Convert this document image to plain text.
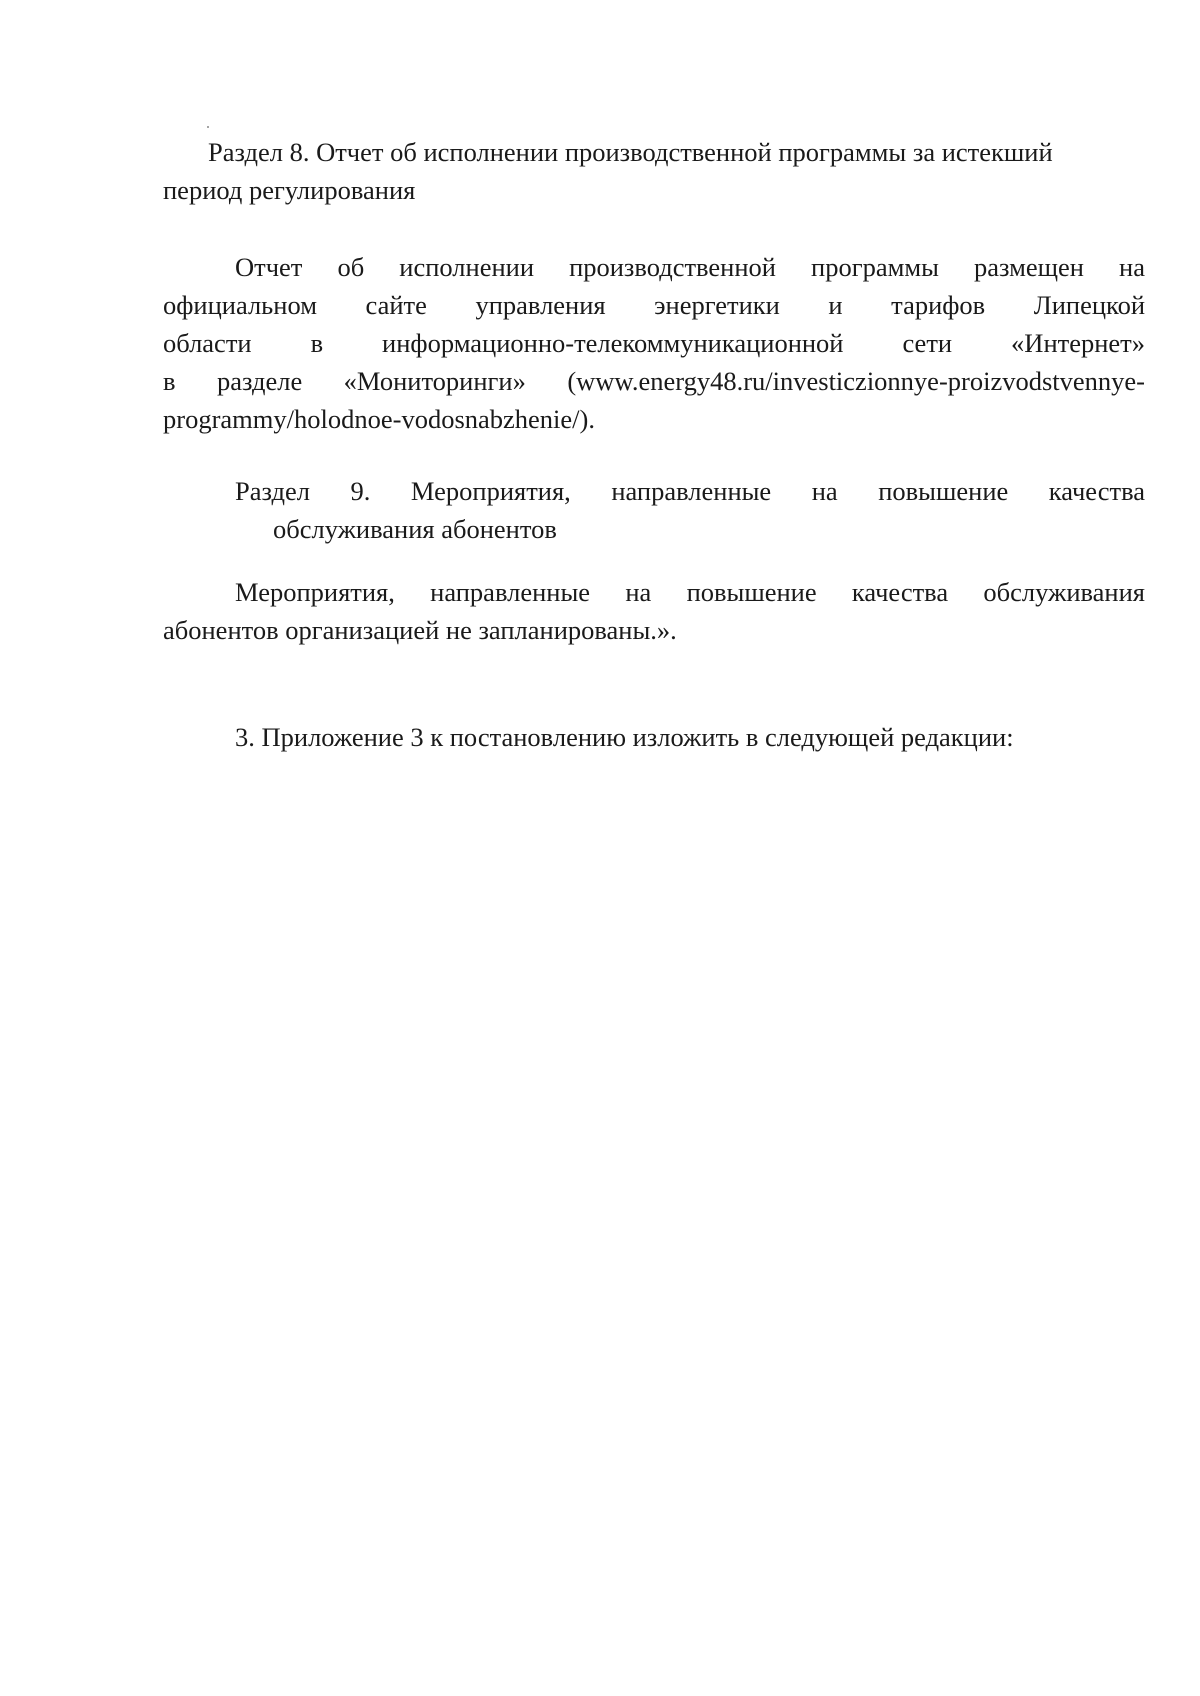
Раздел 8. Отчет об исполнении производственной программы за истекший
период регулирования
Отчет об исполнении производственной программы размещен на
официальном сайте управления энергетики и тарифов Липецкой
области в информационно-телекоммуникационной сети «Интернет»
в разделе «Мониторинги» (www.energy48.ru/investiczionnye-proizvodstvennye-
programmy/holodnoe-vodosnabzhenie/).
Раздел 9. Мероприятия, направленные на повышение качества
обслуживания абонентов
Мероприятия, направленные на повышение качества обслуживания
абонентов организацией не запланированы.».
3. Приложение 3 к постановлению изложить в следующей редакции:
